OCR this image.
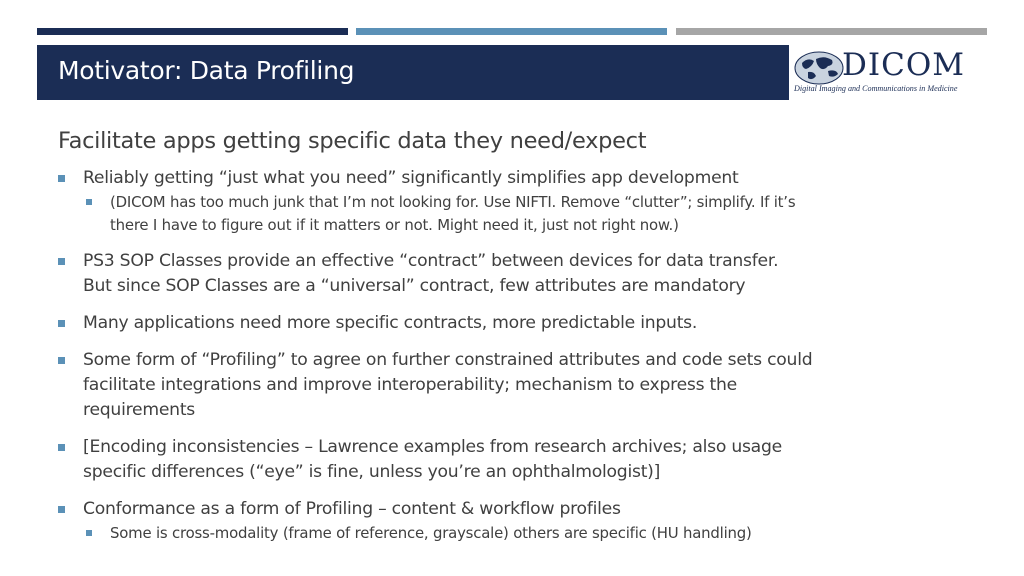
Motivator: Data Profiling	DICOM
Digital Imaging and Communications in Medicine
Facilitate apps getting specific data they need/expect
Reliably getting “just what you need” significantly simplifies app development
(DICOM has too much junk that I’m not looking for. Use NIFTI. Remove “clutter”; simplify. If it’s
there I have to figure out if it matters or not. Might need it, just not right now.)
PS3 SOP Classes provide an effective “contract” between devices for data transfer.
But since SOP Classes are a “universal” contract, few attributes are mandatory
Many applications need more specific contracts, more predictable inputs.
Some form of “Profiling” to agree on further constrained attributes and code sets could
facilitate integrations and improve interoperability; mechanism to express the
requirements
[Encoding inconsistencies – Lawrence examples from research archives; also usage
specific differences (“eye” is fine, unless you’re an ophthalmologist)]
Conformance as a form of Profiling – content & workflow profiles
Some is cross-modality (frame of reference, grayscale) others are specific (HU handling)
